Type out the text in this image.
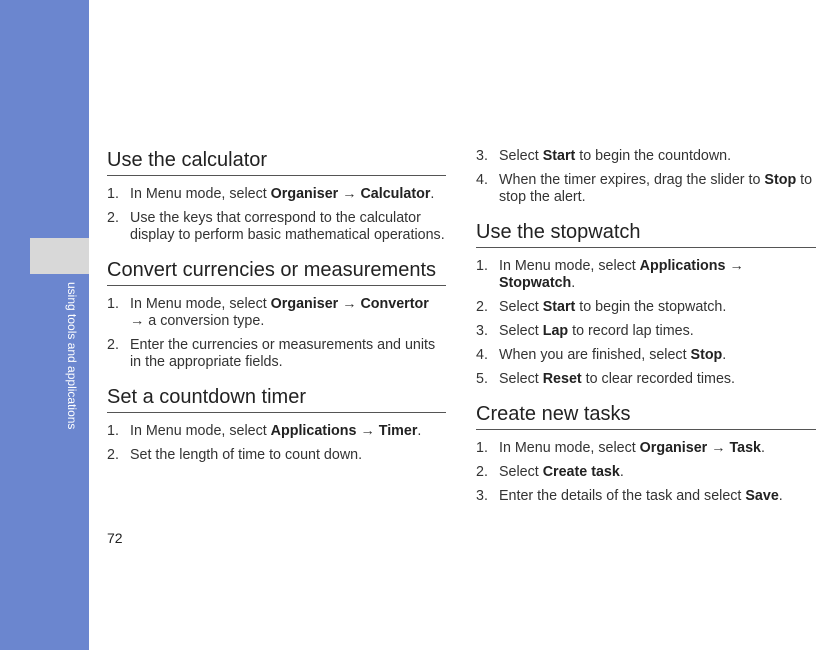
using tools and applications
Use the calculator
1. In Menu mode, select Organiser → Calculator.
2. Use the keys that correspond to the calculator display to perform basic mathematical operations.
Convert currencies or measurements
1. In Menu mode, select Organiser → Convertor → a conversion type.
2. Enter the currencies or measurements and units in the appropriate fields.
Set a countdown timer
1. In Menu mode, select Applications → Timer.
2. Set the length of time to count down.
3. Select Start to begin the countdown.
4. When the timer expires, drag the slider to Stop to stop the alert.
Use the stopwatch
1. In Menu mode, select Applications → Stopwatch.
2. Select Start to begin the stopwatch.
3. Select Lap to record lap times.
4. When you are finished, select Stop.
5. Select Reset to clear recorded times.
Create new tasks
1. In Menu mode, select Organiser → Task.
2. Select Create task.
3. Enter the details of the task and select Save.
72
